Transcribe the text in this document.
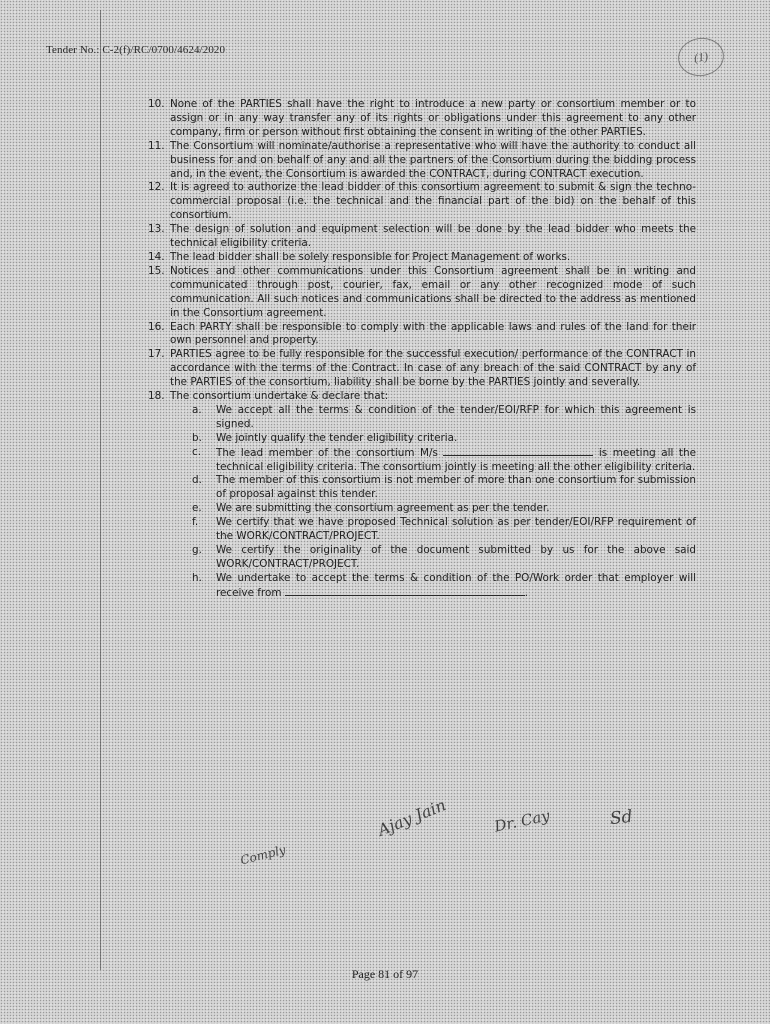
Tender No.: C-2(f)/RC/0700/4624/2020	(1)
10. None of the PARTIES shall have the right to introduce a new party or consortium member or to assign or in any way transfer any of its rights or obligations under this agreement to any other company, firm or person without first obtaining the consent in writing of the other PARTIES.
11. The Consortium will nominate/authorise a representative who will have the authority to conduct all business for and on behalf of any and all the partners of the Consortium during the bidding process and, in the event, the Consortium is awarded the CONTRACT, during CONTRACT execution.
12. It is agreed to authorize the lead bidder of this consortium agreement to submit & sign the techno-commercial proposal (i.e. the technical and the financial part of the bid) on the behalf of this consortium.
13. The design of solution and equipment selection will be done by the lead bidder who meets the technical eligibility criteria.
14. The lead bidder shall be solely responsible for Project Management of works.
15. Notices and other communications under this Consortium agreement shall be in writing and communicated through post, courier, fax, email or any other recognized mode of such communication. All such notices and communications shall be directed to the address as mentioned in the Consortium agreement.
16. Each PARTY shall be responsible to comply with the applicable laws and rules of the land for their own personnel and property.
17. PARTIES agree to be fully responsible for the successful execution/ performance of the CONTRACT in accordance with the terms of the Contract. In case of any breach of the said CONTRACT by any of the PARTIES of the consortium, liability shall be borne by the PARTIES jointly and severally.
18. The consortium undertake & declare that:
a.	We accept all the terms & condition of the tender/EOI/RFP for which this agreement is signed.
b.	We jointly qualify the tender eligibility criteria.
c.	The lead member of the consortium M/s	is meeting all the technical eligibility criteria. The consortium jointly is meeting all the other eligibility criteria.
d.	The member of this consortium is not member of more than one consortium for submission of proposal against this tender.
e.	We are submitting the consortium agreement as per the tender.
f.	We certify that we have proposed Technical solution as per tender/EOI/RFP requirement of the WORK/CONTRACT/PROJECT.
g.	We certify the originality of the document submitted by us for the above said WORK/CONTRACT/PROJECT.
h.	We undertake to accept the terms & condition of the PO/Work order that employer will receive from	.
Comply
Ajay Jain	Dr. Cay	Sd
Page 81 of 97
